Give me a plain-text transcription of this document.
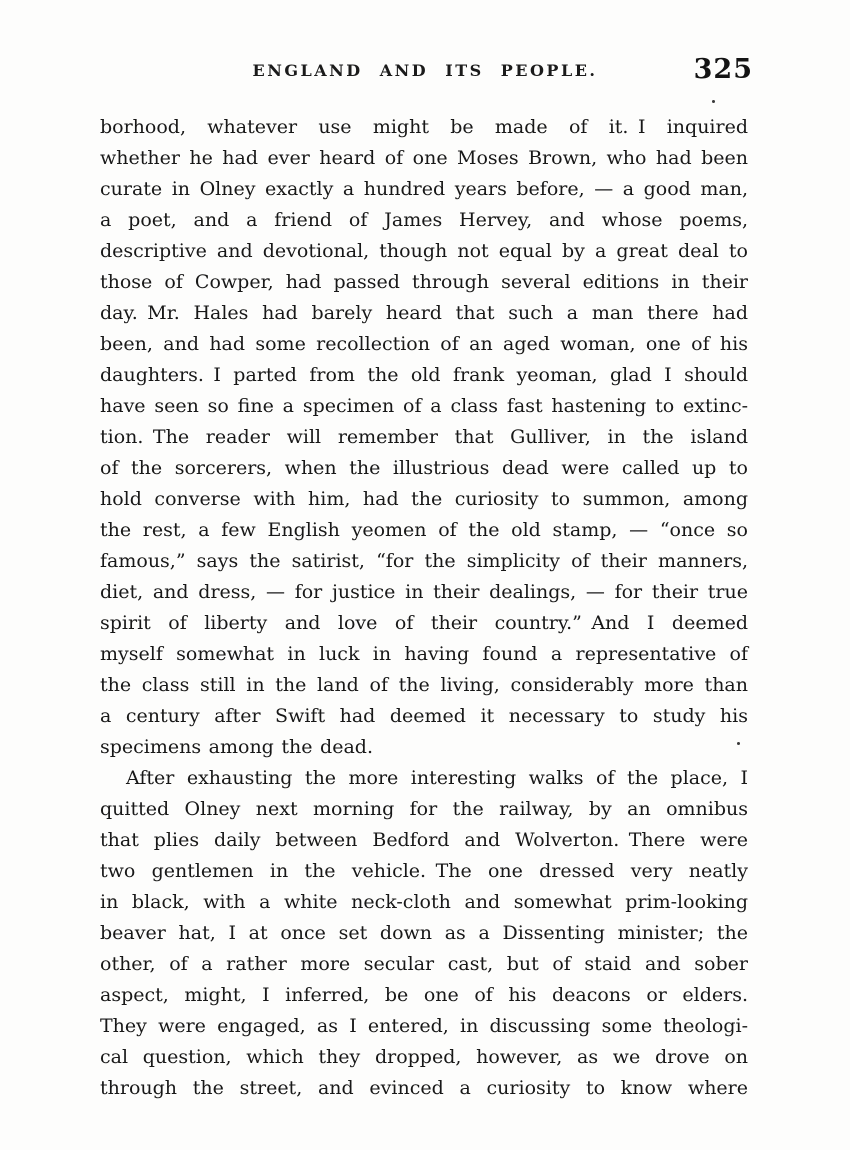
ENGLAND AND ITS PEOPLE.	325
borhood, whatever use might be made of it. I inquired
whether he had ever heard of one Moses Brown, who had been
curate in Olney exactly a hundred years before, — a good man,
a poet, and a friend of James Hervey, and whose poems,
descriptive and devotional, though not equal by a great deal to
those of Cowper, had passed through several editions in their
day. Mr. Hales had barely heard that such a man there had
been, and had some recollection of an aged woman, one of his
daughters. I parted from the old frank yeoman, glad I should
have seen so fine a specimen of a class fast hastening to extinc-
tion. The reader will remember that Gulliver, in the island
of the sorcerers, when the illustrious dead were called up to
hold converse with him, had the curiosity to summon, among
the rest, a few English yeomen of the old stamp, — “once so
famous,” says the satirist, “for the simplicity of their manners,
diet, and dress, — for justice in their dealings, — for their true
spirit of liberty and love of their country.” And I deemed
myself somewhat in luck in having found a representative of
the class still in the land of the living, considerably more than
a century after Swift had deemed it necessary to study his
specimens among the dead.
After exhausting the more interesting walks of the place, I
quitted Olney next morning for the railway, by an omnibus
that plies daily between Bedford and Wolverton. There were
two gentlemen in the vehicle. The one dressed very neatly
in black, with a white neck-cloth and somewhat prim-looking
beaver hat, I at once set down as a Dissenting minister; the
other, of a rather more secular cast, but of staid and sober
aspect, might, I inferred, be one of his deacons or elders.
They were engaged, as I entered, in discussing some theologi-
cal question, which they dropped, however, as we drove on
through the street, and evinced a curiosity to know where
